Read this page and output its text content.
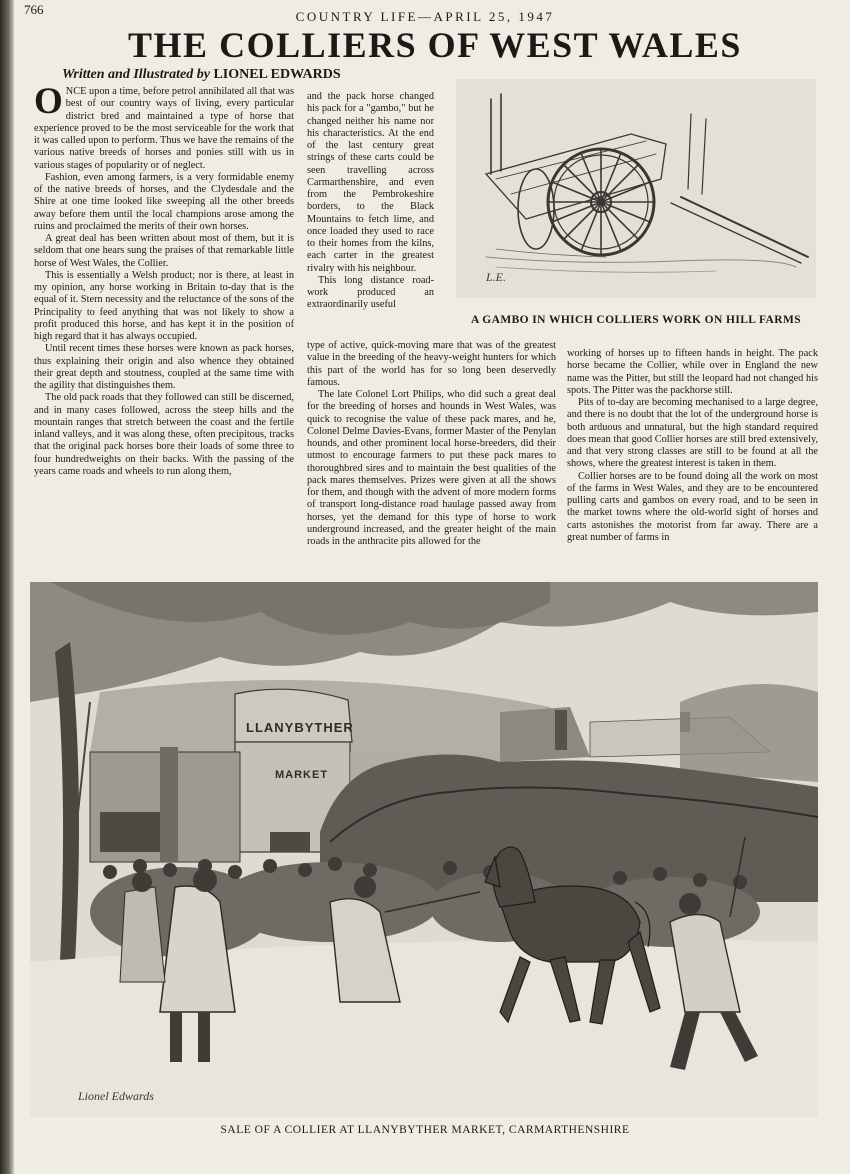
766	COUNTRY LIFE—APRIL 25, 1947
THE COLLIERS OF WEST WALES
Written and Illustrated by LIONEL EDWARDS

ONCE upon a time, before petrol annihilated all that was best of our country ways of living, every particular district bred and maintained a type of horse that experience proved to be the most serviceable for the work that it was called upon to perform. Thus we have the remains of the various native breeds of horses and ponies still with us in various stages of popularity or of neglect.

Fashion, even among farmers, is a very formidable enemy of the native breeds of horses, and the Clydesdale and the Shire at one time looked like sweeping all the other breeds away before them until the local champions arose among the ruins and proclaimed the merits of their own horses.

A great deal has been written about most of them, but it is seldom that one hears sung the praises of that remarkable little horse of West Wales, the Collier.

This is essentially a Welsh product; nor is there, at least in my opinion, any horse working in Britain to-day that is the equal of it. Stern necessity and the reluctance of the sons of the Principality to feed anything that was not likely to show a profit produced this horse, and has kept it in the position of high regard that it has always occupied.

Until recent times these horses were known as pack horses, thus explaining their origin and also whence they obtained their great depth and stoutness, coupled at the same time with the agility that distinguishes them.

The old pack roads that they followed can still be discerned, and in many cases followed, across the steep hills and the mountain ranges that stretch between the coast and the fertile inland valleys, and it was along these, often precipitous, tracks that the original pack horses bore their loads of some three to four hundredweights on their backs. With the passing of the years came roads and wheels to run along them,

and the pack horse changed his pack for a "gambo," but he changed neither his name nor his characteristics. At the end of the last century great strings of these carts could be seen travelling across Carmarthenshire, and even from the Pembrokeshire borders, to the Black Mountains to fetch lime, and once loaded they used to race to their homes from the kilns, each carter in the greatest rivalry with his neighbour.

This long distance road-work produced an extraordinarily useful

type of active, quick-moving mare that was of the greatest value in the breeding of the heavy-weight hunters for which this part of the world has for so long been deservedly famous.

The late Colonel Lort Philips, who did such a great deal for the breeding of horses and hounds in West Wales, was quick to recognise the value of these pack mares, and he, Colonel Delme Davies-Evans, former Master of the Penylan hounds, and other prominent local horse-breeders, did their utmost to encourage farmers to put these pack mares to thoroughbred sires and to maintain the best qualities of the pack mares themselves. Prizes were given at all the shows for them, and though with the advent of more modern forms of transport long-distance road haulage passed away from horses, yet the demand for this type of horse to work underground increased, and the greater height of the main roads in the anthracite pits allowed for the

working of horses up to fifteen hands in height. The pack horse became the Collier, while over in England the new name was the Pitter, but still the leopard had not changed his spots. The Pitter was the packhorse still.

Pits of to-day are becoming mechanised to a large degree, and there is no doubt that the lot of the underground horse is both arduous and unnatural, but the high standard required does mean that good Collier horses are still bred extensively, and that very strong classes are still to be found at all the shows, where the greatest interest is taken in them.

Collier horses are to be found doing all the work on most of the farms in West Wales, and they are to be encountered pulling carts and gambos on every road, and to be seen in the market towns where the old-world sight of horses and carts astonishes the motorist from far away. There are a great number of farms in

L.E.
A GAMBO IN WHICH COLLIERS WORK ON HILL FARMS
LLANYBYTHER
MARKET
Lionel Edwards
SALE OF A COLLIER AT LLANYBYTHER MARKET, CARMARTHENSHIRE
